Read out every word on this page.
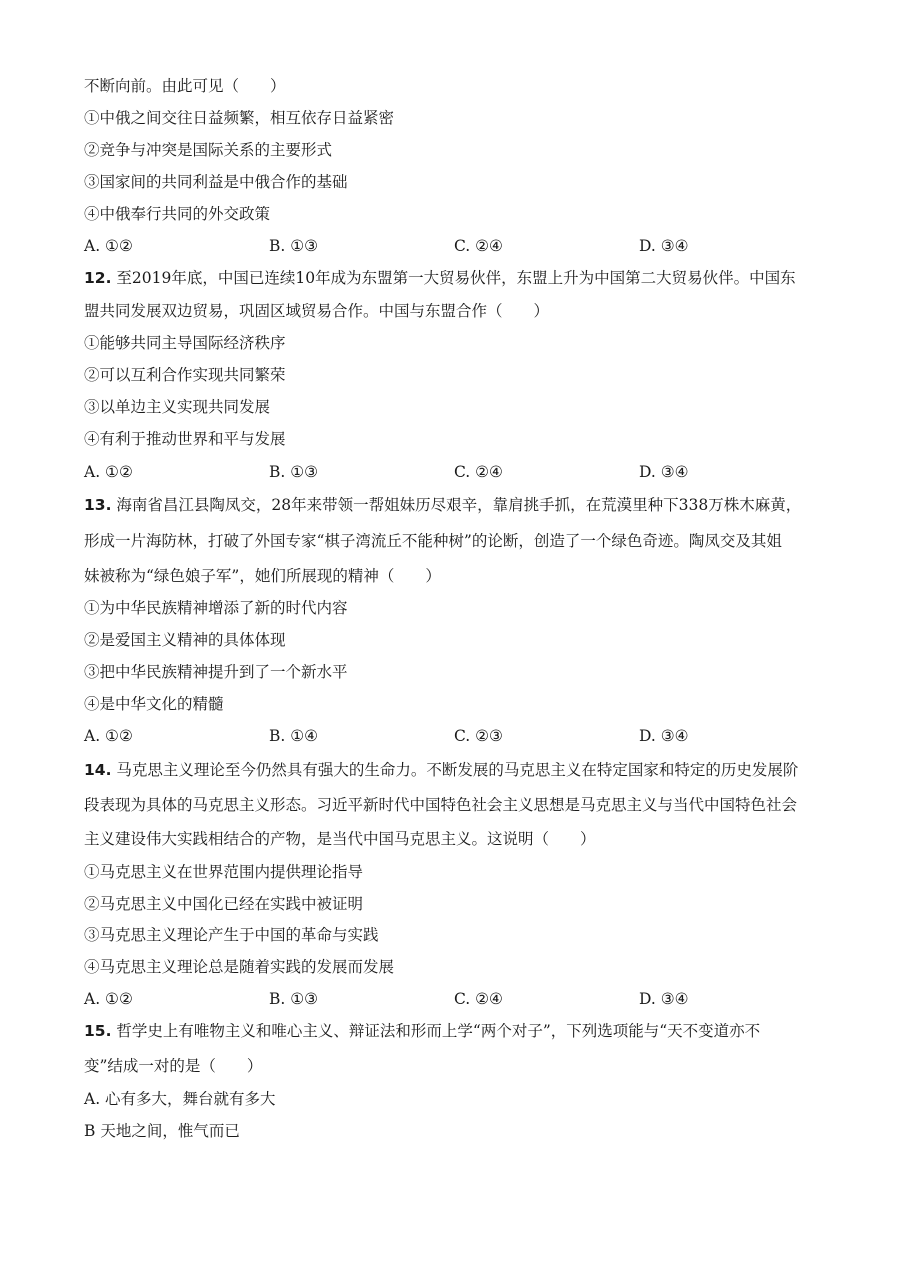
不断向前。由此可见（　　）
①中俄之间交往日益频繁，相互依存日益紧密
②竞争与冲突是国际关系的主要形式
③国家间的共同利益是中俄合作的基础
④中俄奉行共同的外交政策
A. ①②	B. ①③	C. ②④	D. ③④
12. 至2019年底，中国已连续10年成为东盟第一大贸易伙伴，东盟上升为中国第二大贸易伙伴。中国东
盟共同发展双边贸易，巩固区域贸易合作。中国与东盟合作（　　）
①能够共同主导国际经济秩序
②可以互利合作实现共同繁荣
③以单边主义实现共同发展
④有利于推动世界和平与发展
A. ①②	B. ①③	C. ②④	D. ③④
13. 海南省昌江县陶凤交，28年来带领一帮姐妹历尽艰辛，靠肩挑手抓，在荒漠里种下338万株木麻黄，
形成一片海防林，打破了外国专家“棋子湾流丘不能种树”的论断，创造了一个绿色奇迹。陶凤交及其姐
妹被称为“绿色娘子军”，她们所展现的精神（　　）
①为中华民族精神增添了新的时代内容
②是爱国主义精神的具体体现
③把中华民族精神提升到了一个新水平
④是中华文化的精髓
A. ①②	B. ①④	C. ②③	D. ③④
14. 马克思主义理论至今仍然具有强大的生命力。不断发展的马克思主义在特定国家和特定的历史发展阶
段表现为具体的马克思主义形态。习近平新时代中国特色社会主义思想是马克思主义与当代中国特色社会
主义建设伟大实践相结合的产物，是当代中国马克思主义。这说明（　　）
①马克思主义在世界范围内提供理论指导
②马克思主义中国化已经在实践中被证明
③马克思主义理论产生于中国的革命与实践
④马克思主义理论总是随着实践的发展而发展
A. ①②	B. ①③	C. ②④	D. ③④
15. 哲学史上有唯物主义和唯心主义、辩证法和形而上学“两个对子”，下列选项能与“天不变道亦不
变”结成一对的是（　　）
A. 心有多大，舞台就有多大
B 天地之间，惟气而已
